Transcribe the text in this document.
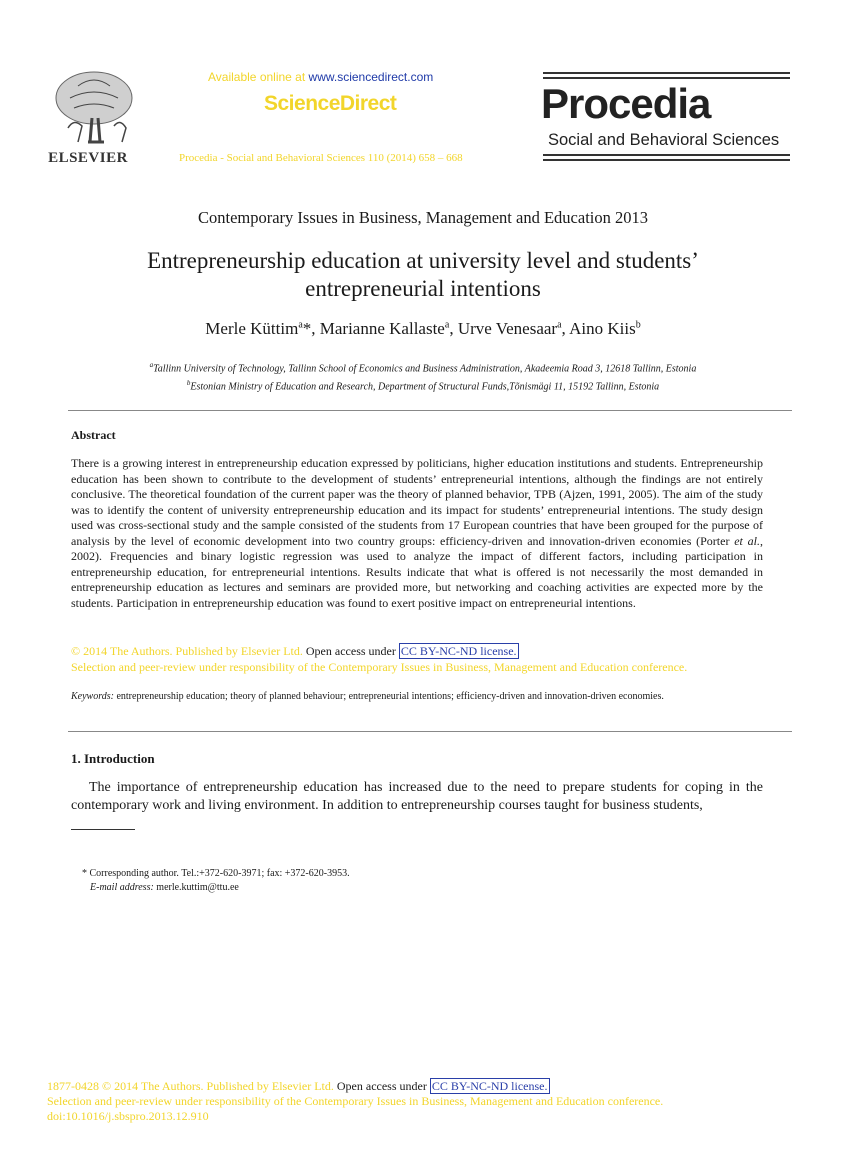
ELSEVIER
Available online at www.sciencedirect.com
ScienceDirect
Procedia - Social and Behavioral Sciences 110 (2014) 658 – 668
Procedia
Social and Behavioral Sciences
Contemporary Issues in Business, Management and Education 2013
Entrepreneurship education at university level and students’ entrepreneurial intentions
Merle Küttim$^a$*, Marianne Kallaste$^a$, Urve Venesaar$^a$, Aino Kiis$^b$
$^a$Tallinn University of Technology, Tallinn School of Economics and Business Administration, Akadeemia Road 3, 12618 Tallinn, Estonia
$^b$Estonian Ministry of Education and Research, Department of Structural Funds,Tõnismägi 11, 15192 Tallinn, Estonia
Abstract
There is a growing interest in entrepreneurship education expressed by politicians, higher education institutions and students. Entrepreneurship education has been shown to contribute to the development of students’ entrepreneurial intentions, although the findings are not entirely conclusive. The theoretical foundation of the current paper was the theory of planned behavior, TPB (Ajzen, 1991, 2005). The aim of the study was to identify the content of university entrepreneurship education and its impact for students’ entrepreneurial intentions. The study design used was cross-sectional study and the sample consisted of the students from 17 European countries that have been grouped for the purpose of analysis by the level of economic development into two country groups: efficiency-driven and innovation-driven economies (Porter et al., 2002). Frequencies and binary logistic regression was used to analyze the impact of different factors, including participation in entrepreneurship education, for entrepreneurial intentions. Results indicate that what is offered is not necessarily the most demanded in entrepreneurship education as lectures and seminars are provided more, but networking and coaching activities are expected more by the students. Participation in entrepreneurship education was found to exert positive impact on entrepreneurial intentions.
© 2014 The Authors. Published by Elsevier Ltd. Open access under CC BY-NC-ND license.
Selection and peer-review under responsibility of the Contemporary Issues in Business, Management and Education conference.
Keywords: entrepreneurship education; theory of planned behaviour; entrepreneurial intentions; efficiency-driven and innovation-driven economies.
1. Introduction
The importance of entrepreneurship education has increased due to the need to prepare students for coping in the contemporary work and living environment. In addition to entrepreneurship courses taught for business students,
* Corresponding author. Tel.:+372-620-3971; fax: +372-620-3953.
E-mail address: merle.kuttim@ttu.ee
1877-0428 © 2014 The Authors. Published by Elsevier Ltd. Open access under CC BY-NC-ND license.
Selection and peer-review under responsibility of the Contemporary Issues in Business, Management and Education conference.
doi:10.1016/j.sbspro.2013.12.910
